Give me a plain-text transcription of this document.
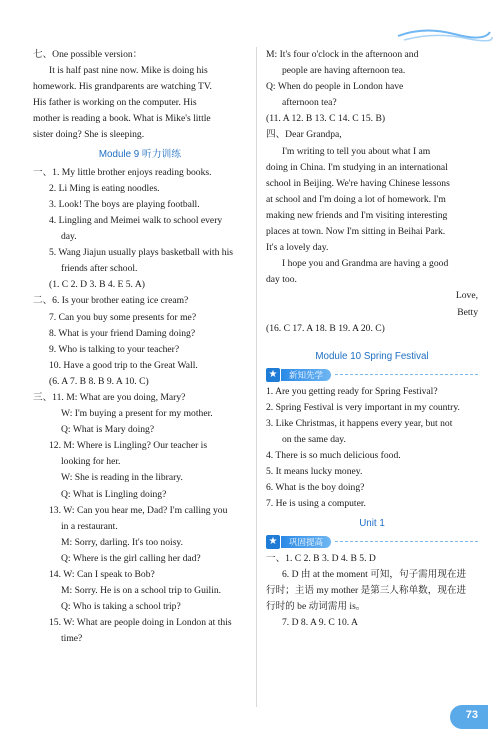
七、One possible version：
It is half past nine now. Mike is doing his
homework. His grandparents are watching TV.
His father is working on the computer. His
mother is reading a book. What is Mike's little
sister doing? She is sleeping.
Module 9 听力训练
一、1. My little brother enjoys reading books.
2. Li Ming is eating noodles.
3. Look! The boys are playing football.
4. Lingling and Meimei walk to school every
day.
5. Wang Jiajun usually plays basketball with his
friends after school.
(1. C 2. D 3. B 4. E 5. A)
二、6. Is your brother eating ice cream?
7. Can you buy some presents for me?
8. What is your friend Daming doing?
9. Who is talking to your teacher?
10. Have a good trip to the Great Wall.
(6. A 7. B 8. B 9. A 10. C)
三、11. M: What are you doing, Mary?
W: I'm buying a present for my mother.
Q: What is Mary doing?
12. M: Where is Lingling? Our teacher is
looking for her.
W: She is reading in the library.
Q: What is Lingling doing?
13. W: Can you hear me, Dad? I'm calling you
in a restaurant.
M: Sorry, darling. It's too noisy.
Q: Where is the girl calling her dad?
14. W: Can I speak to Bob?
M: Sorry. He is on a school trip to Guilin.
Q: Who is taking a school trip?
15. W: What are people doing in London at this
time?
M: It's four o'clock in the afternoon and
people are having afternoon tea.
Q: When do people in London have
afternoon tea?
(11. A 12. B 13. C 14. C 15. B)
四、Dear Grandpa,
I'm writing to tell you about what I am
doing in China. I'm studying in an international
school in Beijing. We're having Chinese lessons
at school and I'm doing a lot of homework. I'm
making new friends and I'm visiting interesting
places at town. Now I'm sitting in Beihai Park.
It's a lovely day.
I hope you and Grandma are having a good
day too.
Love,
Betty
(16. C 17. A 18. B 19. A 20. C)
Module 10 Spring Festival
★	新知先学
1. Are you getting ready for Spring Festival?
2. Spring Festival is very important in my country.
3. Like Christmas, it happens every year, but not
on the same day.
4. There is so much delicious food.
5. It means lucky money.
6. What is the boy doing?
7. He is using a computer.
Unit 1
★	巩固提高
一、1. C 2. B 3. D 4. B 5. D
6. D 由 at the moment 可知，句子需用现在进
行时；主语 my mother 是第三人称单数，现在进
行时的 be 动词需用 is。
7. D 8. A 9. C 10. A
73
